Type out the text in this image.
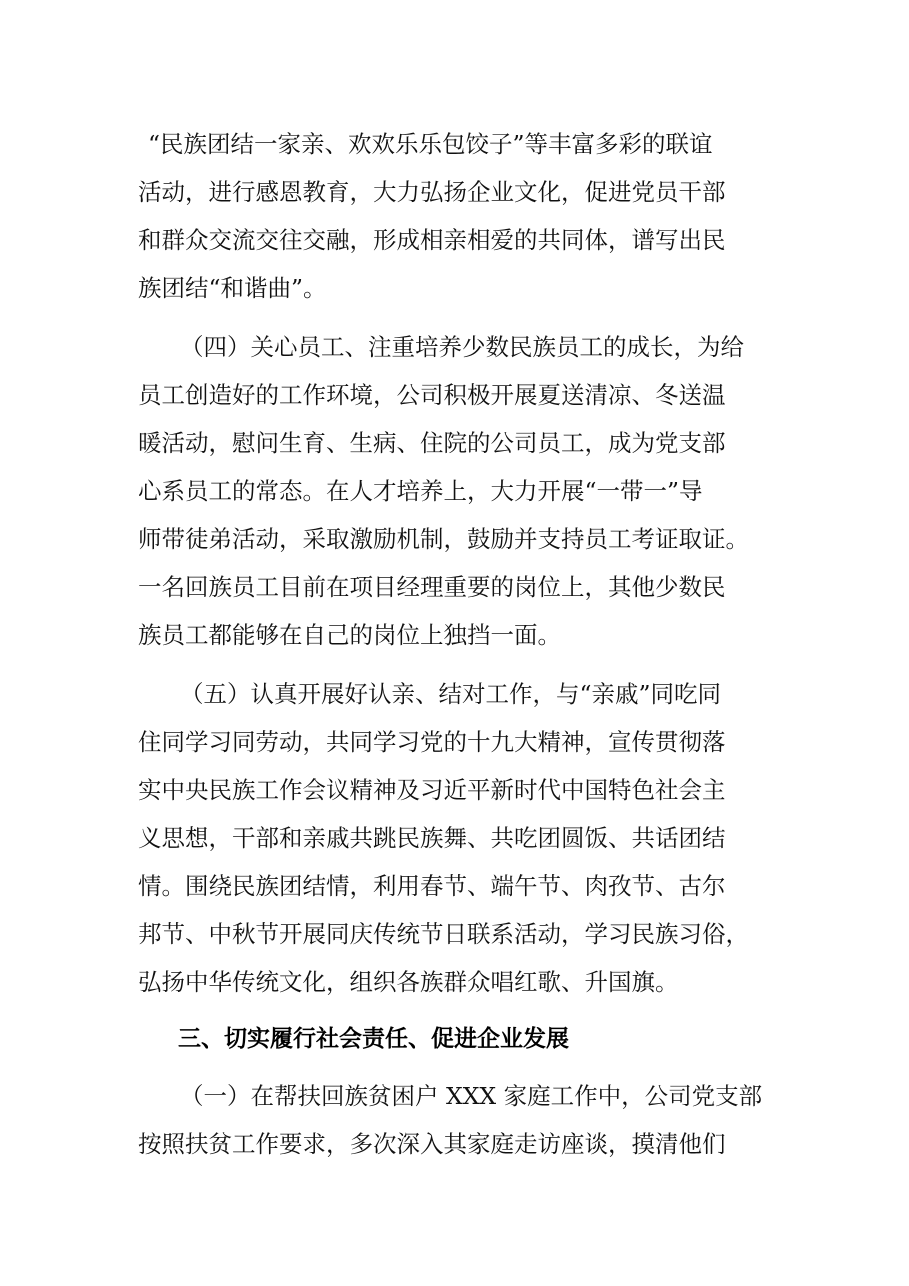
“民族团结一家亲、欢欢乐乐包饺子”等丰富多彩的联谊

活动，进行感恩教育，大力弘扬企业文化，促进党员干部

和群众交流交往交融，形成相亲相爱的共同体，谱写出民

族团结“和谐曲”。

（四）关心员工、注重培养少数民族员工的成长，为给

员工创造好的工作环境，公司积极开展夏送清凉、冬送温

暖活动，慰问生育、生病、住院的公司员工，成为党支部

心系员工的常态。在人才培养上，大力开展“一带一”导

师带徒弟活动，采取激励机制，鼓励并支持员工考证取证。

一名回族员工目前在项目经理重要的岗位上，其他少数民

族员工都能够在自己的岗位上独挡一面。

（五）认真开展好认亲、结对工作，与“亲戚”同吃同

住同学习同劳动，共同学习党的十九大精神，宣传贯彻落

实中央民族工作会议精神及习近平新时代中国特色社会主

义思想，干部和亲戚共跳民族舞、共吃团圆饭、共话团结

情。围绕民族团结情，利用春节、端午节、肉孜节、古尔

邦节、中秋节开展同庆传统节日联系活动，学习民族习俗，

弘扬中华传统文化，组织各族群众唱红歌、升国旗。

三、切实履行社会责任、促进企业发展

（一）在帮扶回族贫困户 XXX 家庭工作中，公司党支部

按照扶贫工作要求，多次深入其家庭走访座谈，摸清他们
